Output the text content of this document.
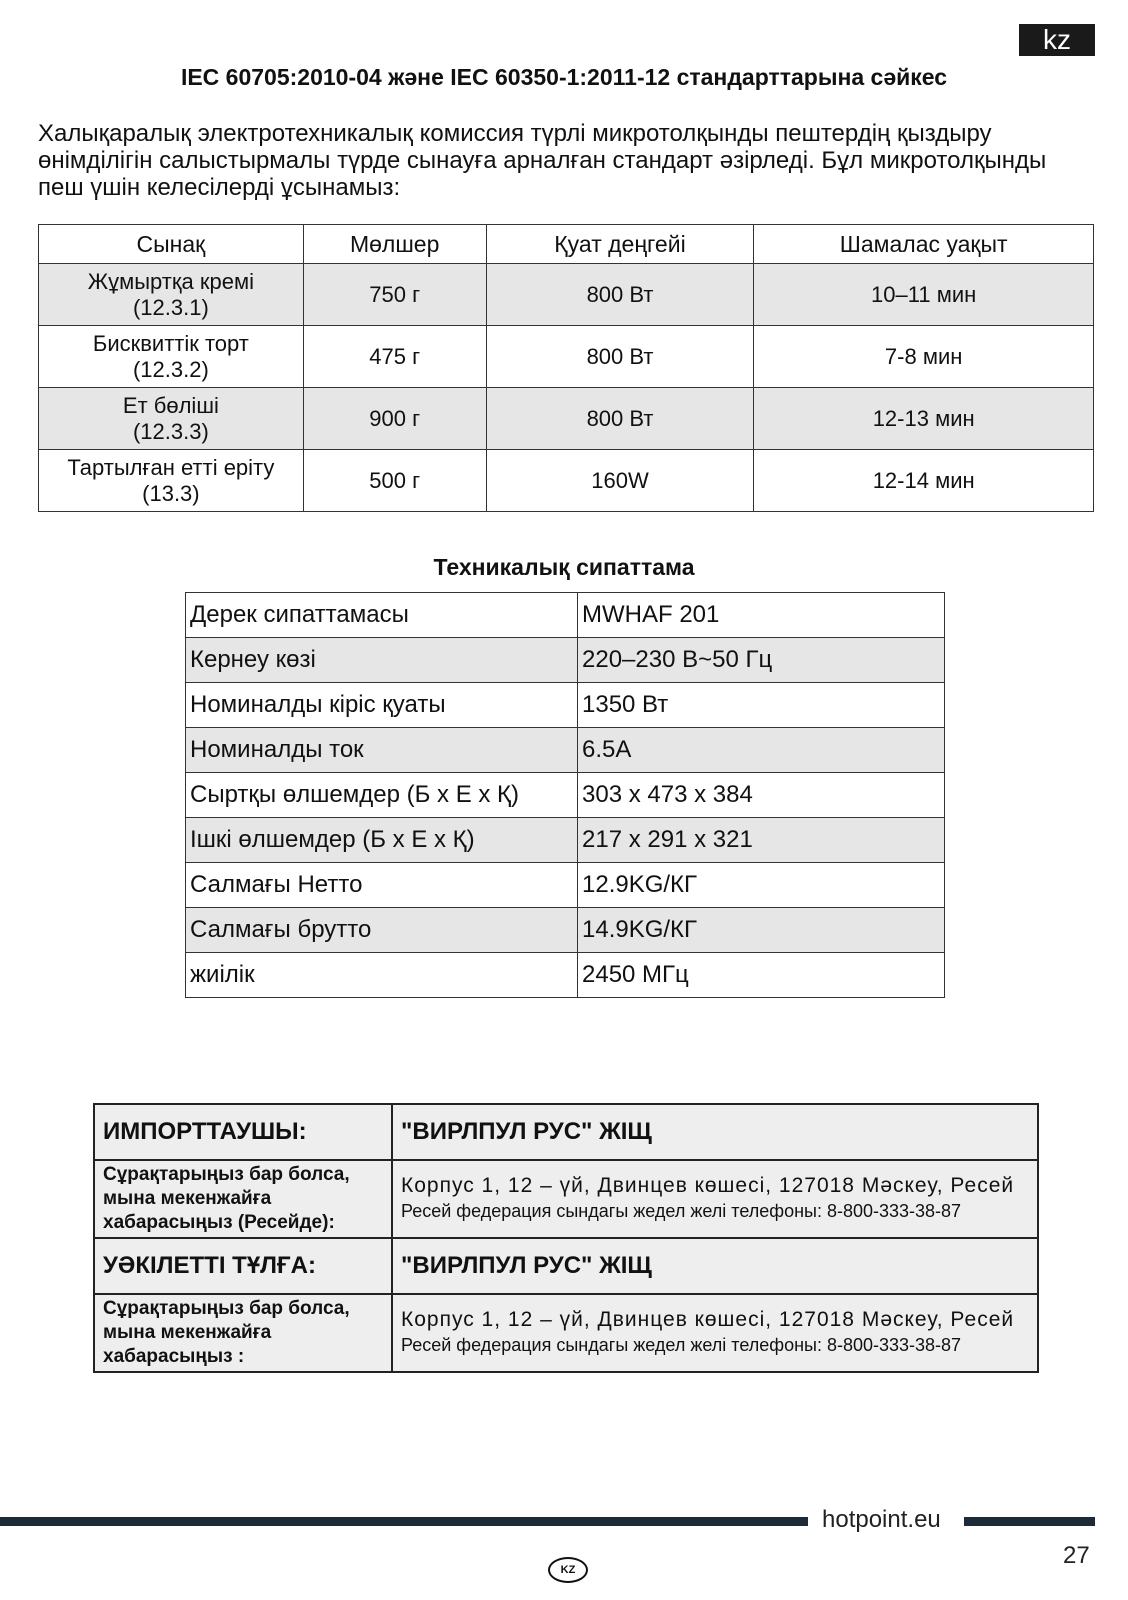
kz
IEC 60705:2010-04 және IEC 60350-1:2011-12 стандарттарына сәйкес
Халықаралық электротехникалық комиссия түрлі микротолқынды пештердің қыздыру өнімділігін салыстырмалы түрде сынауға арналған стандарт әзірледі. Бұл микротолқынды пеш үшін келесілерді ұсынамыз:
Сынақ	Мөлшер	Қуат деңгейі	Шамалас уақыт
Жұмыртқа кремі
(12.3.1)	750 г	800 Вт	10–11 мин
Бисквиттік торт
(12.3.2)	475 г	800 Вт	7-8 мин
Ет бөліші
(12.3.3)	900 г	800 Вт	12-13 мин
Тартылған етті еріту
(13.3)	500 г	160W	12-14 мин
Техникалық сипаттама
Дерек сипаттамасы	MWHAF 201
Кернеу көзі	220–230 В~50 Гц
Номиналды кіріс қуаты	1350 Вт
Номиналды ток	6.5A
Сыртқы өлшемдер (Б х Е х Қ)	303 x 473 x 384
Ішкі өлшемдер (Б х Е х Қ)	217 x 291 x 321
Салмағы Нетто	12.9KG/КГ
Салмағы брутто	14.9KG/КГ
жиілік	2450 МГц
ИМПОРТТАУШЫ:	"ВИРЛПУЛ РУС" ЖІЩ
Сұрақтарыңыз бар болса, мына мекенжайға хабарасыңыз (Ресейде):	Корпус 1, 12 – үй, Двинцев көшесі, 127018 Мәскеу, Ресей
Ресей федерация сындагы жедел желі телефоны: 8-800-333-38-87

УӘКІЛЕТТІ ТҰЛҒА:	"ВИРЛПУЛ РУС" ЖІЩ
Сұрақтарыңыз бар болса, мына мекенжайға хабарасыңыз :	Корпус 1, 12 – үй, Двинцев көшесі, 127018 Мәскеу, Ресей
Ресей федерация сындагы жедел желі телефоны: 8-800-333-38-87
hotpoint.eu
27
KZ
